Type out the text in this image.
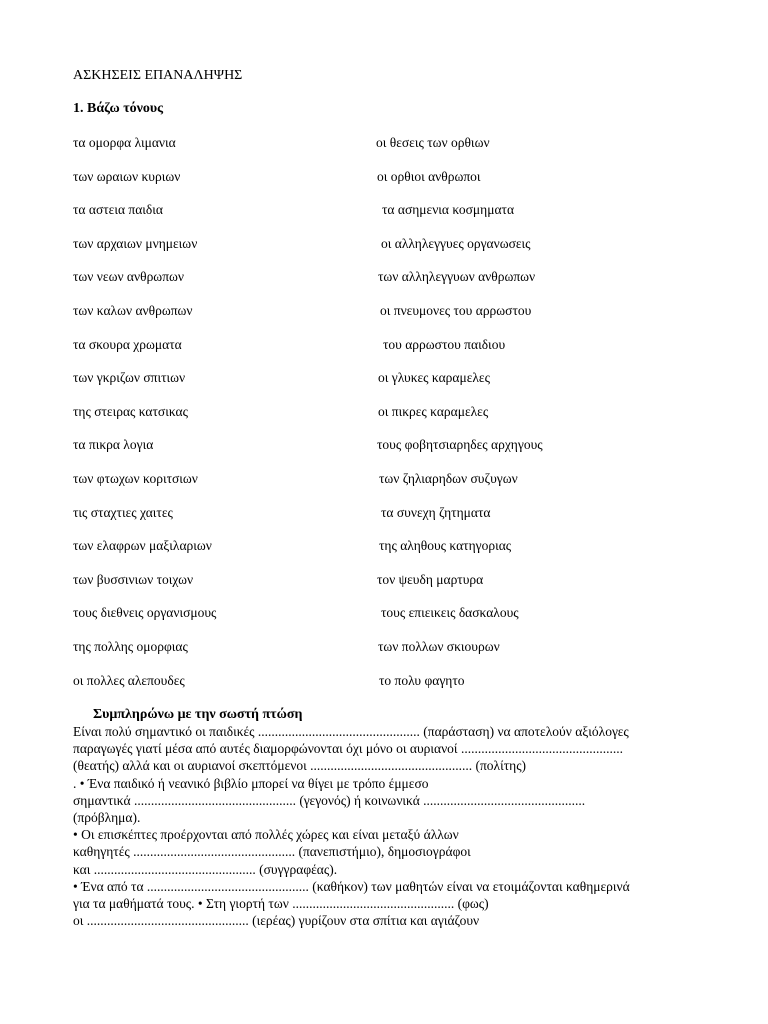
ΑΣΚΗΣΕΙΣ ΕΠΑΝΑΛΗΨΗΣ
1. Βάζω τόνους
τα ομορφα λιμανια	οι θεσεις των ορθιων
των ωραιων κυριων	οι ορθιοι ανθρωποι
τα αστεια παιδια	τα ασημενια κοσμηματα
των αρχαιων μνημειων	οι αλληλεγγυες οργανωσεις
των νεων ανθρωπων	των αλληλεγγυων ανθρωπων
των καλων ανθρωπων	οι πνευμονες του αρρωστου
τα σκουρα χρωματα	του αρρωστου παιδιου
των γκριζων σπιτιων	οι γλυκες καραμελες
της στειρας κατσικας	οι πικρες καραμελες
τα πικρα λογια	τους φοβητσιαρηδες αρχηγους
των φτωχων κοριτσιων	των ζηλιαρηδων συζυγων
τις σταχτιες χαιτες	τα συνεχη ζητηματα
των ελαφρων μαξιλαριων	της αληθους κατηγοριας
των βυσσινιων τοιχων	τον ψευδη μαρτυρα
τους διεθνεις οργανισμους	τους επιεικεις δασκαλους
της πολλης ομορφιας	των πολλων σκιουρων
οι πολλες αλεπουδες	το πολυ φαγητο
Συμπληρώνω με την σωστή πτώση
Είναι πολύ σημαντικό οι παιδικές ................................................ (παράσταση) να αποτελούν αξιόλογες
παραγωγές γιατί μέσα από αυτές διαμορφώνονται όχι μόνο οι αυριανοί ................................................
(θεατής) αλλά και οι αυριανοί σκεπτόμενοι ................................................ (πολίτης)
. • Ένα παιδικό ή νεανικό βιβλίο μπορεί να θίγει με τρόπο έμμεσο
σημαντικά ................................................ (γεγονός) ή κοινωνικά ................................................
(πρόβλημα).
• Οι επισκέπτες προέρχονται από πολλές χώρες και είναι μεταξύ άλλων
καθηγητές ................................................ (πανεπιστήμιο), δημοσιογράφοι
και ................................................ (συγγραφέας).
• Ένα από τα ................................................ (καθήκον) των μαθητών είναι να ετοιμάζονται καθημερινά
για τα μαθήματά τους. • Στη γιορτή των ................................................ (φως)
οι ................................................ (ιερέας) γυρίζουν στα σπίτια και αγιάζουν
